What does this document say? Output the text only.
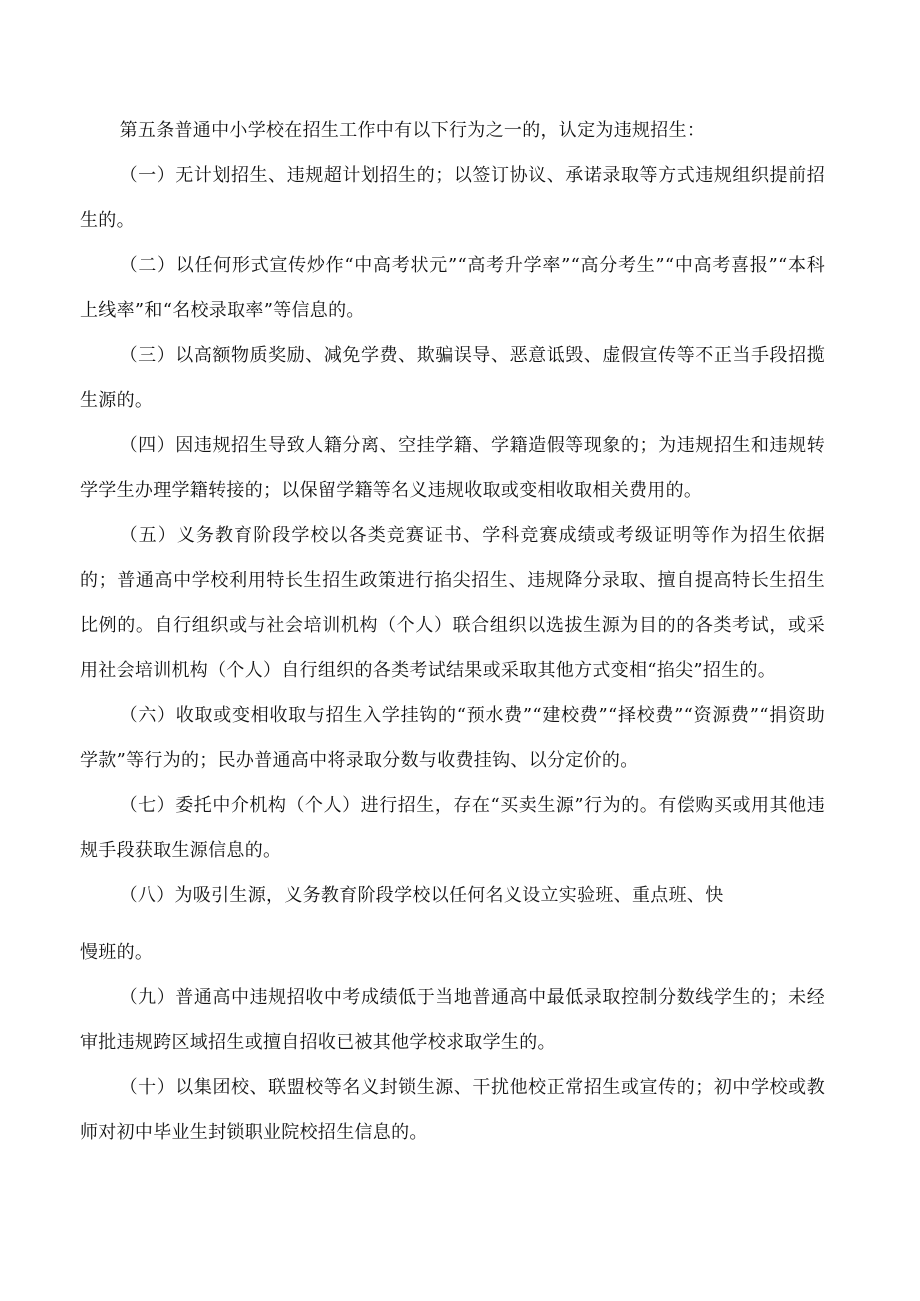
第五条普通中小学校在招生工作中有以下行为之一的，认定为违规招生：

（一）无计划招生、违规超计划招生的；以签订协议、承诺录取等方式违规组织提前招生的。

（二）以任何形式宣传炒作“中高考状元”“高考升学率”“高分考生”“中高考喜报”“本科上线率”和“名校录取率”等信息的。

（三）以高额物质奖励、减免学费、欺骗误导、恶意诋毁、虚假宣传等不正当手段招揽生源的。

（四）因违规招生导致人籍分离、空挂学籍、学籍造假等现象的；为违规招生和违规转学学生办理学籍转接的；以保留学籍等名义违规收取或变相收取相关费用的。

（五）义务教育阶段学校以各类竞赛证书、学科竞赛成绩或考级证明等作为招生依据的；普通高中学校利用特长生招生政策进行掐尖招生、违规降分录取、擅自提高特长生招生比例的。自行组织或与社会培训机构（个人）联合组织以选拔生源为目的的各类考试，或采用社会培训机构（个人）自行组织的各类考试结果或采取其他方式变相“掐尖”招生的。

（六）收取或变相收取与招生入学挂钩的“预水费”“建校费”“择校费”“资源费”“捐资助学款”等行为的；民办普通高中将录取分数与收费挂钩、以分定价的。

（七）委托中介机构（个人）进行招生，存在“买卖生源”行为的。有偿购买或用其他违规手段获取生源信息的。

（八）为吸引生源，义务教育阶段学校以任何名义设立实验班、重点班、快

慢班的。

（九）普通高中违规招收中考成绩低于当地普通高中最低录取控制分数线学生的；未经审批违规跨区域招生或擅自招收已被其他学校求取学生的。

（十）以集团校、联盟校等名义封锁生源、干扰他校正常招生或宣传的；初中学校或教师对初中毕业生封锁职业院校招生信息的。
